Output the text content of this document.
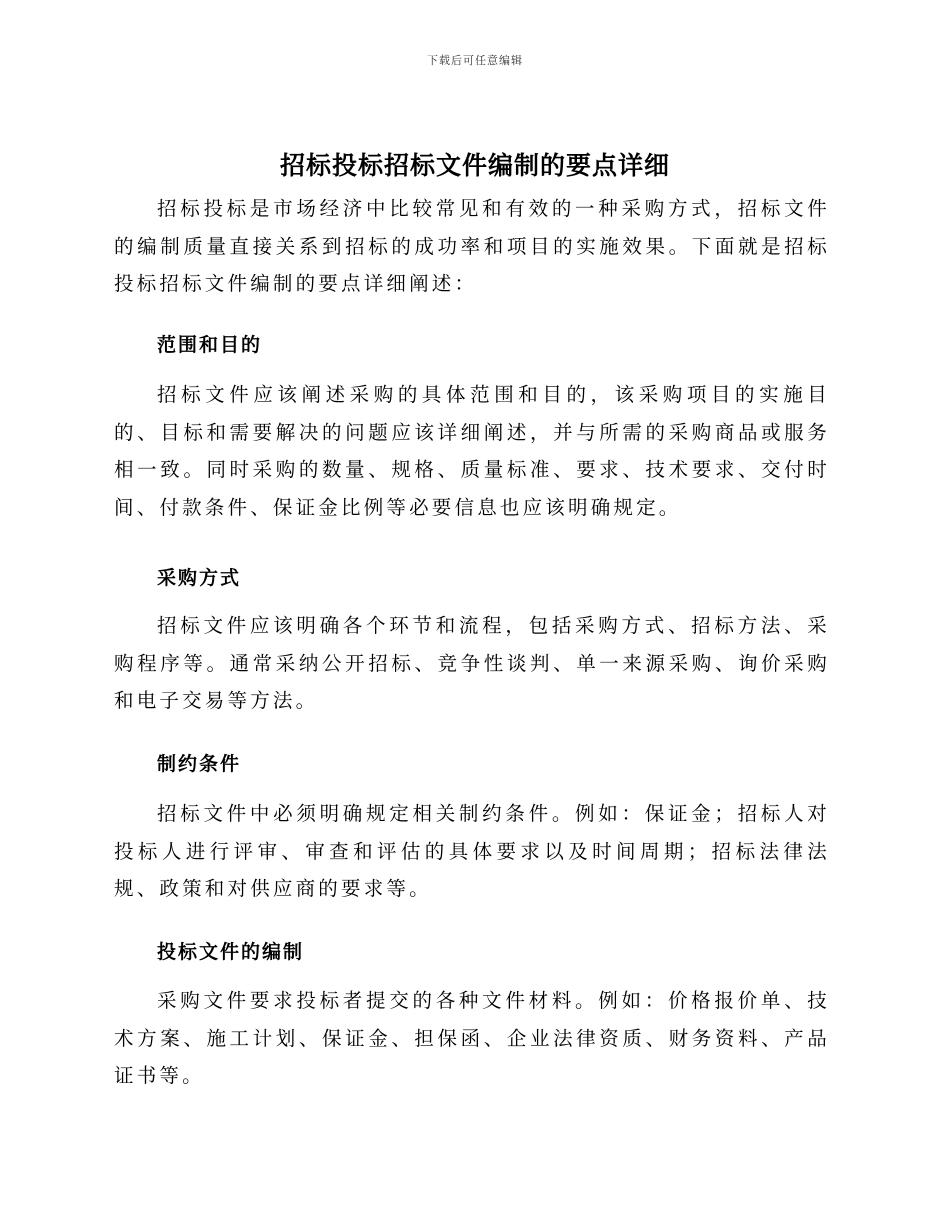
下载后可任意编辑
招标投标招标文件编制的要点详细

招标投标是市场经济中比较常见和有效的一种采购方式，招标文件的编制质量直接关系到招标的成功率和项目的实施效果。下面就是招标投标招标文件编制的要点详细阐述：

范围和目的

招标文件应该阐述采购的具体范围和目的，该采购项目的实施目的、目标和需要解决的问题应该详细阐述，并与所需的采购商品或服务相一致。同时采购的数量、规格、质量标准、要求、技术要求、交付时间、付款条件、保证金比例等必要信息也应该明确规定。

采购方式

招标文件应该明确各个环节和流程，包括采购方式、招标方法、采购程序等。通常采纳公开招标、竞争性谈判、单一来源采购、询价采购和电子交易等方法。

制约条件

招标文件中必须明确规定相关制约条件。例如：保证金；招标人对投标人进行评审、审查和评估的具体要求以及时间周期；招标法律法规、政策和对供应商的要求等。

投标文件的编制

采购文件要求投标者提交的各种文件材料。例如：价格报价单、技术方案、施工计划、保证金、担保函、企业法律资质、财务资料、产品证书等。
